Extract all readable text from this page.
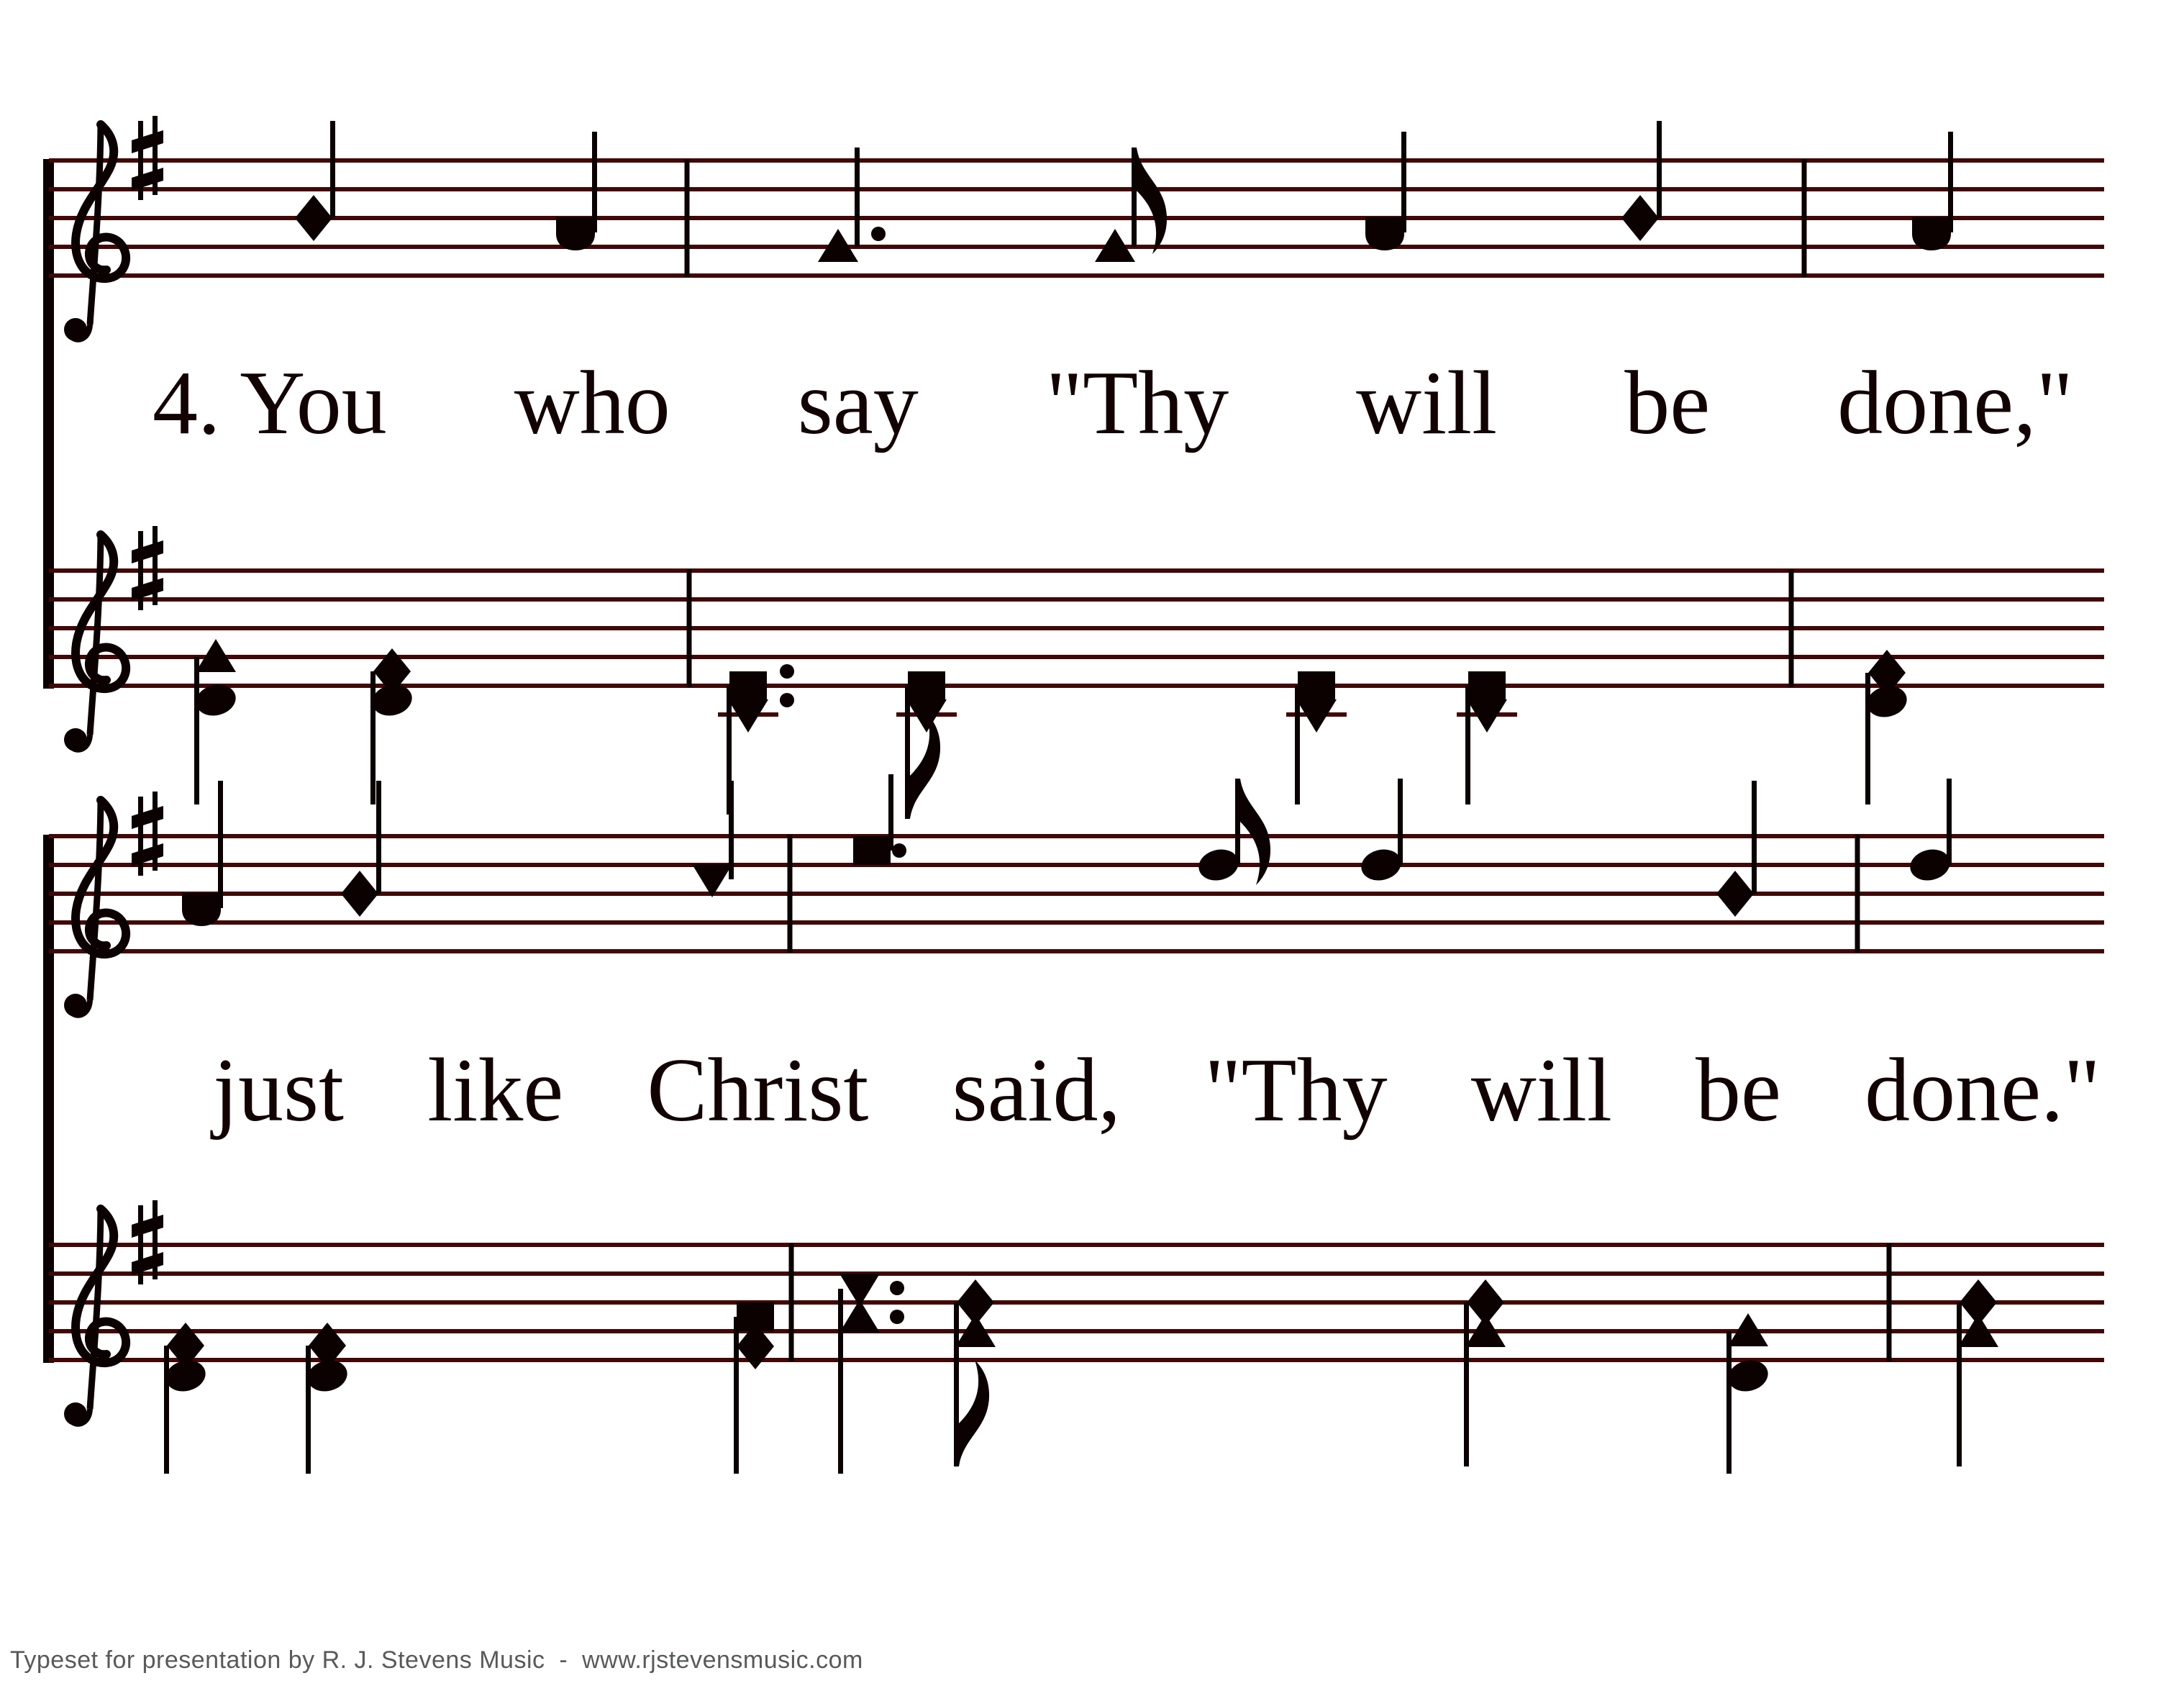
4. You who say "Thy will be done,"
just like Christ said, "Thy will be done."
Typeset for presentation by R. J. Stevens Music  -  www.rjstevensmusic.com
